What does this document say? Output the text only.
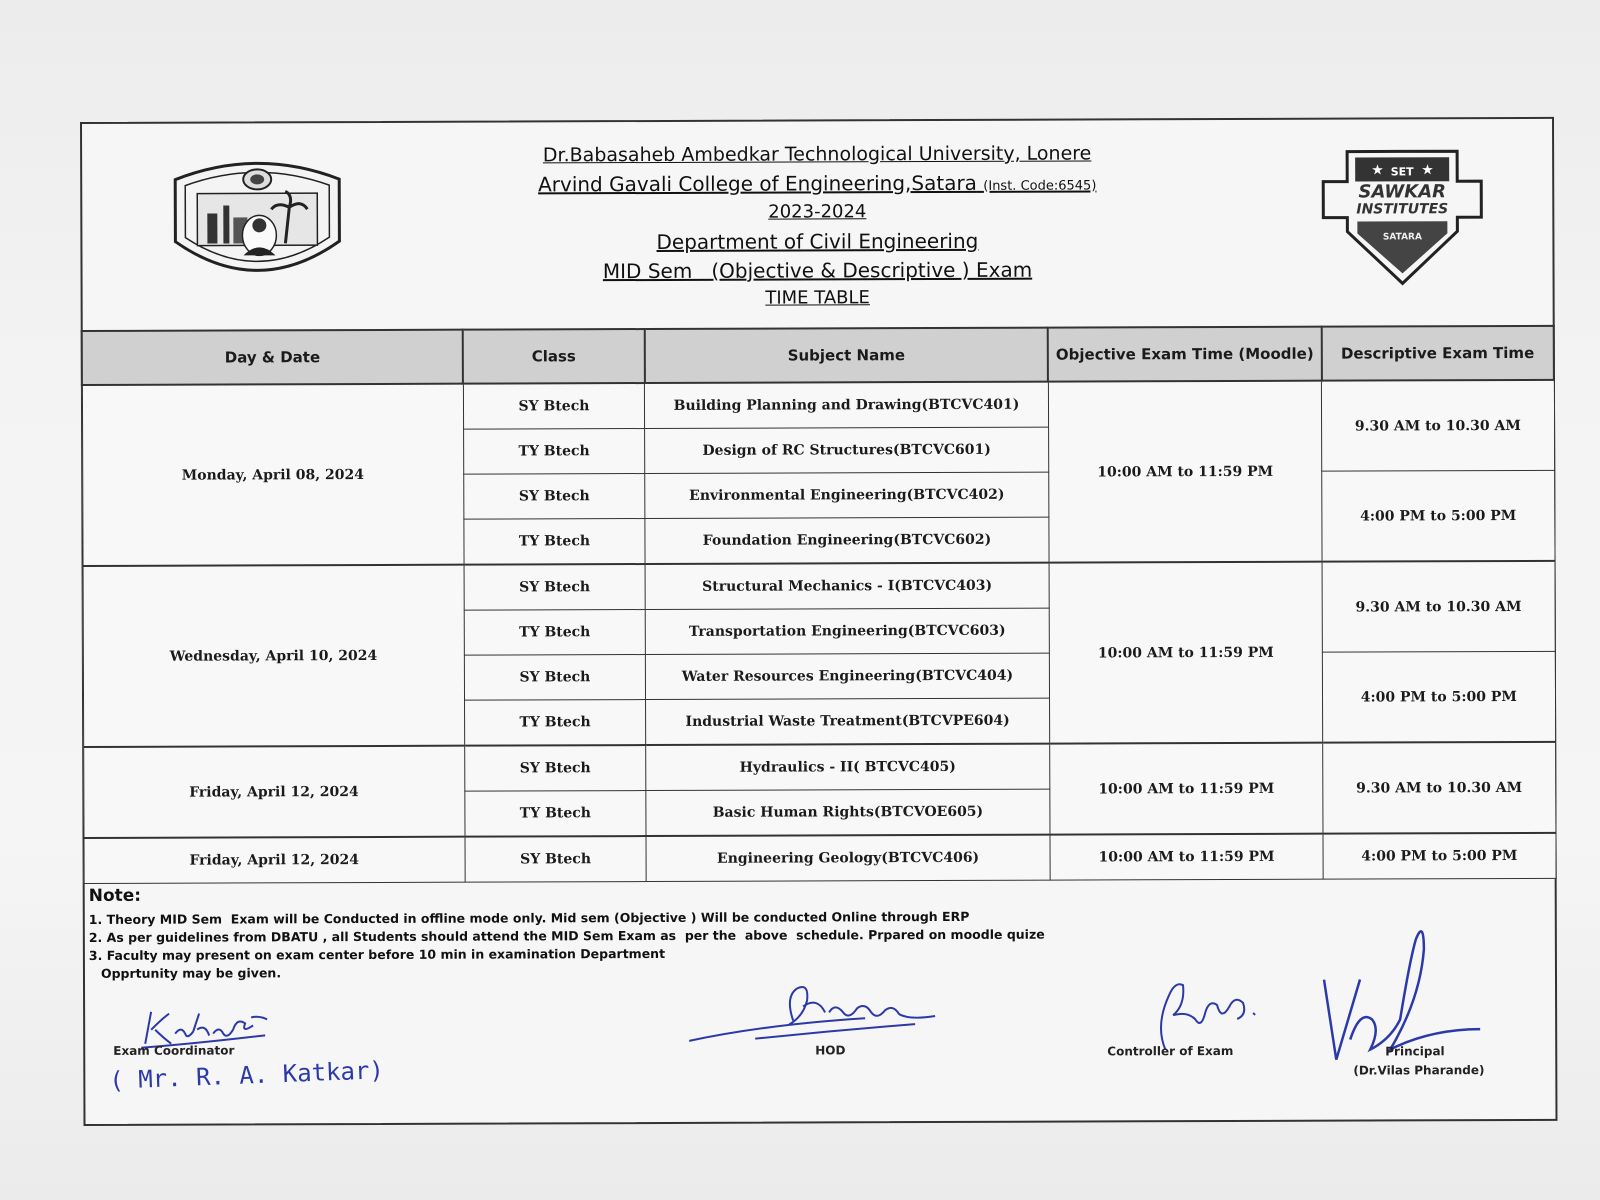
Dr.Babasaheb Ambedkar Technological University, Lonere
Arvind Gavali College of Engineering,Satara (Inst. Code:6545)
2023-2024
Department of Civil Engineering
MID Sem   (Objective & Descriptive ) Exam
TIME TABLE
SET
★	★
SAWKAR
INSTITUTES
SATARA
Day & Date	Class	Subject Name	Objective Exam Time (Moodle)	Descriptive Exam Time
Monday, April 08, 2024	SY Btech	Building Planning and Drawing(BTCVC401)	10:00 AM to 11:59 PM	9.30 AM to 10.30 AM
	TY Btech	Design of RC Structures(BTCVC601)		
	SY Btech	Environmental Engineering(BTCVC402)		4:00 PM to 5:00 PM
	TY Btech	Foundation Engineering(BTCVC602)		
Wednesday, April 10, 2024	SY Btech	Structural Mechanics - I(BTCVC403)	10:00 AM to 11:59 PM	9.30 AM to 10.30 AM
	TY Btech	Transportation Engineering(BTCVC603)		
	SY Btech	Water Resources Engineering(BTCVC404)		4:00 PM to 5:00 PM
	TY Btech	Industrial Waste Treatment(BTCVPE604)		
Friday, April 12, 2024	SY Btech	Hydraulics - II( BTCVC405)	10:00 AM to 11:59 PM	9.30 AM to 10.30 AM
	TY Btech	Basic Human Rights(BTCVOE605)		
Friday, April 12, 2024	SY Btech	Engineering Geology(BTCVC406)	10:00 AM to 11:59 PM	4:00 PM to 5:00 PM
Note:
1. Theory MID Sem  Exam will be Conducted in offline mode only. Mid sem (Objective ) Will be conducted Online through ERP
2. As per guidelines from DBATU , all Students should attend the MID Sem Exam as  per the  above  schedule. Prpared on moodle quize
3. Faculty may present on exam center before 10 min in examination Department
Opprtunity may be given.
Exam Coordinator
( Mr. R. A. Katkar)
HOD	Controller of Exam	Principal
(Dr.Vilas Pharande)
